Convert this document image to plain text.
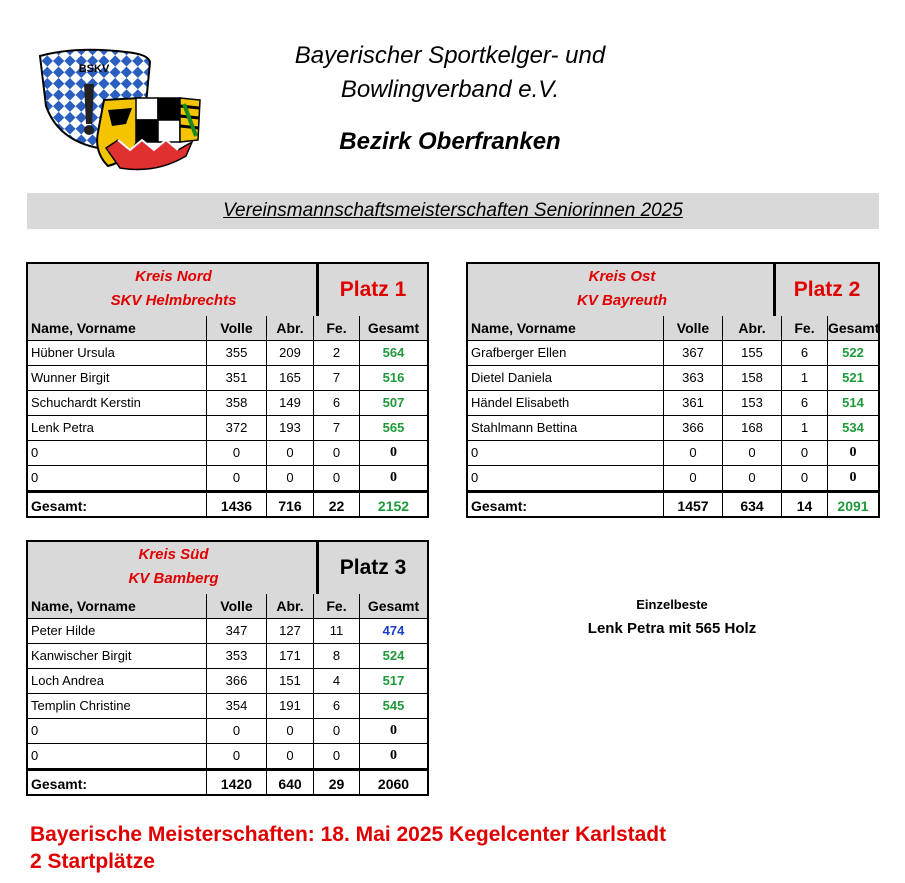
BSKV	Bayerischer Sportkelger- und
Bowlingverband e.V.
Bezirk Oberfranken
Vereinsmannschaftsmeisterschaften Seniorinnen 2025
Kreis Nord
SKV Helmbrechts	Platz 1
Name, Vorname	Volle	Abr.	Fe.	Gesamt
Hübner Ursula	355	209	2	564
Wunner Birgit	351	165	7	516
Schuchardt Kerstin	358	149	6	507
Lenk Petra	372	193	7	565
0	0	0	0	0
0	0	0	0	0
Gesamt:	1436	716	22	2152
Kreis Ost
KV Bayreuth	Platz 2
Name, Vorname	Volle	Abr.	Fe. Gesamt
Grafberger Ellen	367	155	6	522
Dietel Daniela	363	158	1	521
Händel Elisabeth	361	153	6	514
Stahlmann Bettina	366	168	1	534
0	0	0	0	0
0	0	0	0	0
Gesamt:	1457	634	14	2091
Kreis Süd
KV Bamberg	Platz 3
Name, Vorname	Volle	Abr.	Fe.	Gesamt
Peter Hilde	347	127	11	474
Kanwischer Birgit	353	171	8	524
Loch Andrea	366	151	4	517
Templin Christine	354	191	6	545
0	0	0	0	0
0	0	0	0	0
Gesamt:	1420	640	29	2060
Einzelbeste
Lenk Petra mit 565 Holz
Bayerische Meisterschaften: 18. Mai 2025 Kegelcenter Karlstadt
2 Startplätze
